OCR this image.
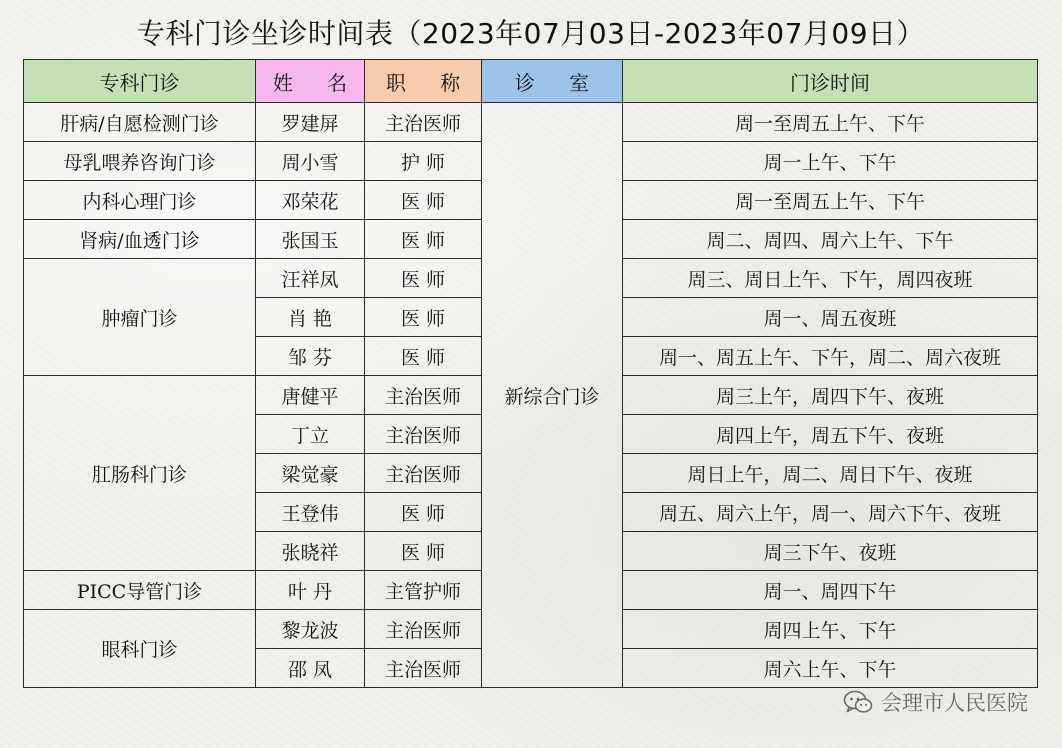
专科门诊坐诊时间表（2023年07月03日-2023年07月09日）
专科门诊	姓 名	职 称	诊 室	门诊时间
肝病/自愿检测门诊	罗建屏	主治医师	新综合门诊	周一至周五上午、下午
母乳喂养咨询门诊	周小雪	护 师		周一上午、下午
内科心理门诊	邓荣花	医 师		周一至周五上午、下午
肾病/血透门诊	张国玉	医 师		周二、周四、周六上午、下午
肿瘤门诊	汪祥凤	医 师		周三、周日上午、下午，周四夜班
	肖 艳	医 师		周一、周五夜班
	邹 芬	医 师		周一、周五上午、下午，周二、周六夜班
肛肠科门诊	唐健平	主治医师		周三上午，周四下午、夜班
	丁立	主治医师		周四上午，周五下午、夜班
	梁觉豪	主治医师		周日上午，周二、周日下午、夜班
	王登伟	医 师		周五、周六上午，周一、周六下午、夜班
	张晓祥	医 师		周三下午、夜班
PICC导管门诊	叶 丹	主管护师		周一、周四下午
眼科门诊	黎龙波	主治医师		周四上午、下午
	邵 凤	主治医师		周六上午、下午
会理市人民医院
